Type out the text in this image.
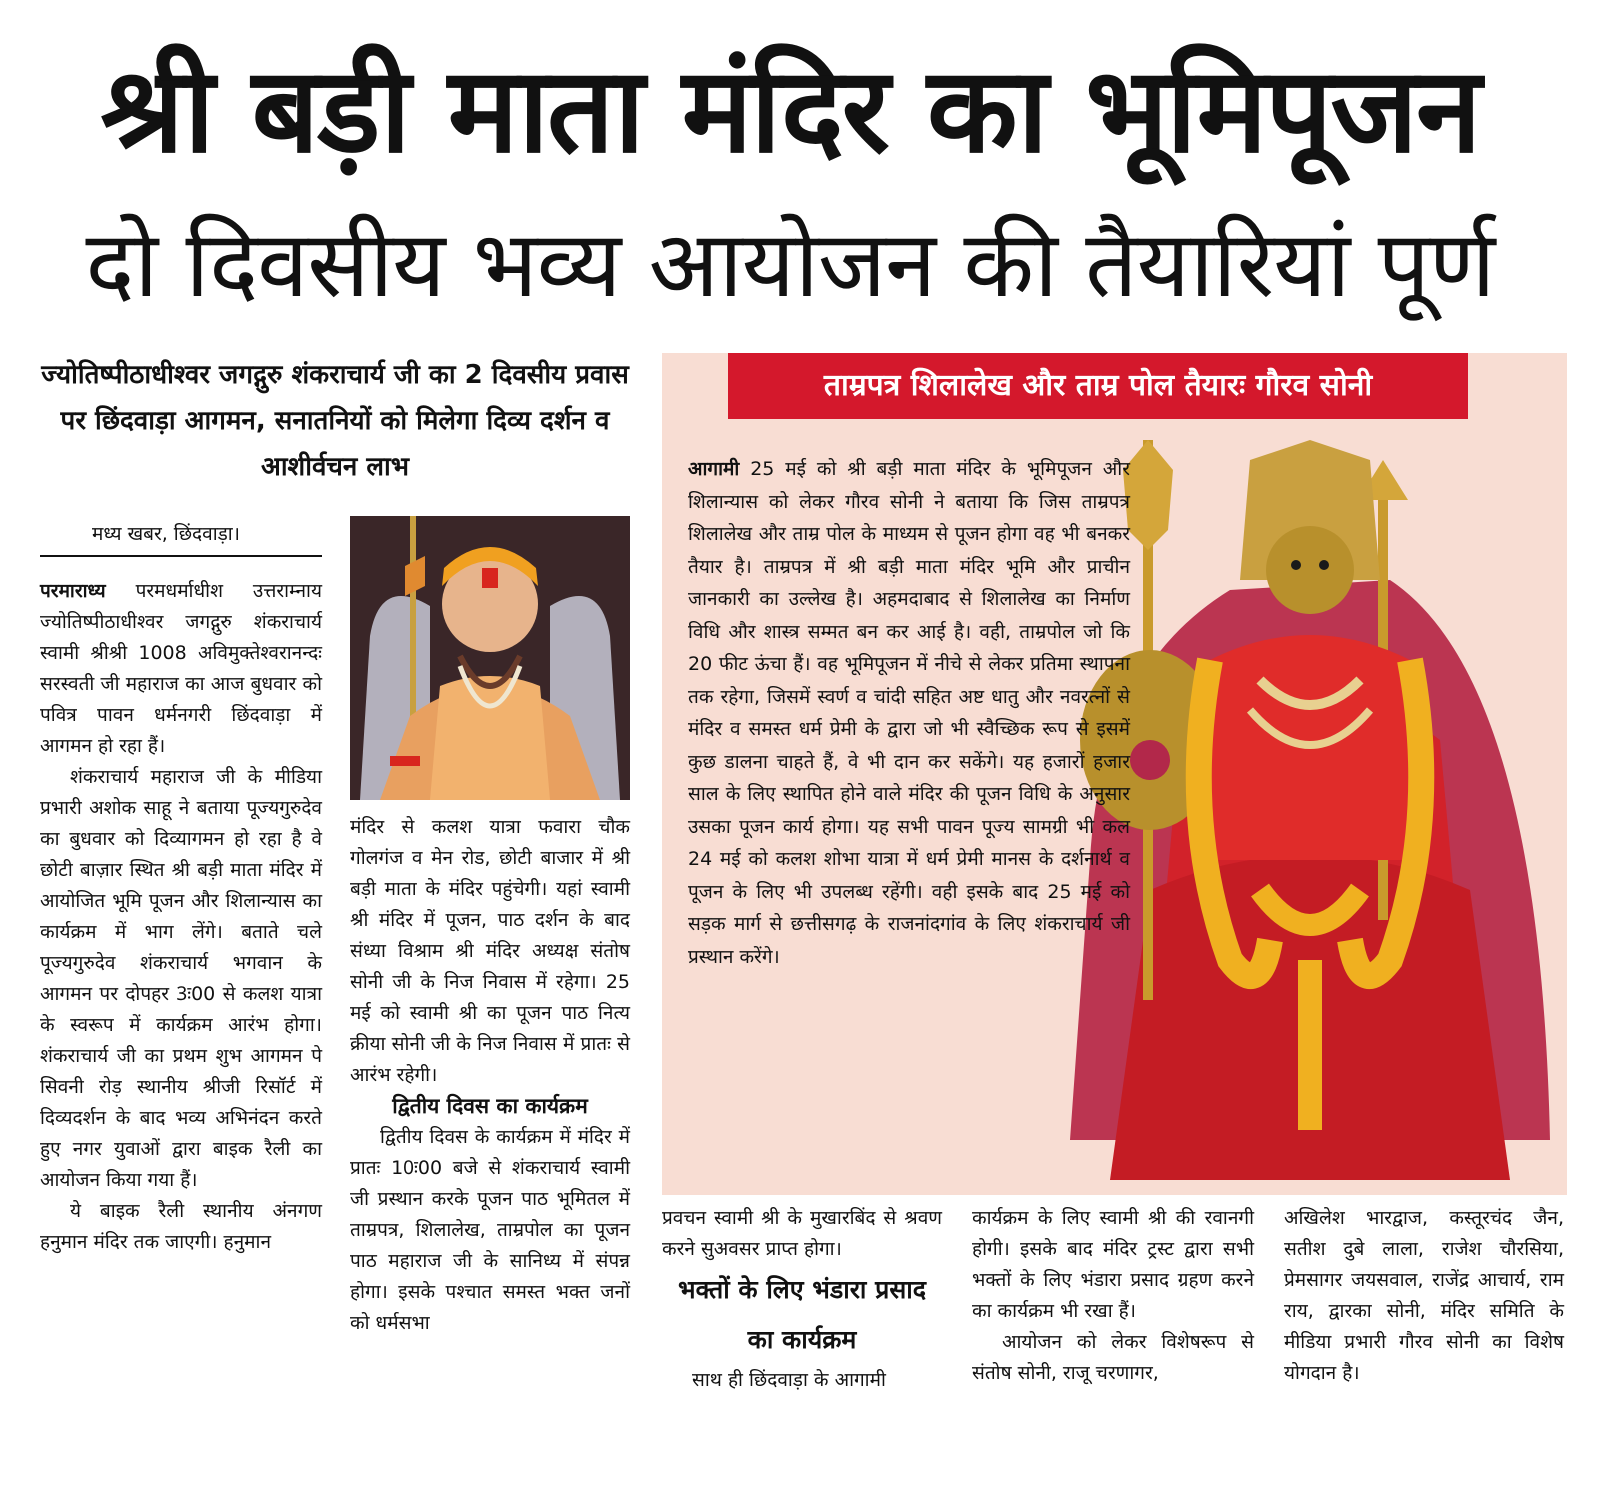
श्री बड़ी माता मंदिर का भूमिपूजन
दो दिवसीय भव्य आयोजन की तैयारियां पूर्ण
ज्योतिष्पीठाधीश्वर जगद्गुरु शंकराचार्य जी का 2 दिवसीय प्रवास पर छिंदवाड़ा आगमन, सनातनियों को मिलेगा दिव्य दर्शन व आशीर्वचन लाभ
मध्य खबर, छिंदवाड़ा।

परमाराध्य परमधर्माधीश उत्तराम्नाय ज्योतिष्पीठाधीश्वर जगद्गुरु शंकराचार्य स्वामी श्रीश्री 1008 अविमुक्तेश्वरानन्दः सरस्वती जी महाराज का आज बुधवार को पवित्र पावन धर्मनगरी छिंदवाड़ा में आगमन हो रहा हैं।

शंकराचार्य महाराज जी के मीडिया प्रभारी अशोक साहू ने बताया पूज्यगुरुदेव का बुधवार को दिव्यागमन हो रहा है वे छोटी बाज़ार स्थित श्री बड़ी माता मंदिर में आयोजित भूमि पूजन और शिलान्यास का कार्यक्रम में भाग लेंगे। बताते चले पूज्यगुरुदेव शंकराचार्य भगवान के आगमन पर दोपहर 3ः00 से कलश यात्रा के स्वरूप में कार्यक्रम आरंभ होगा। शंकराचार्य जी का प्रथम शुभ आगमन पे सिवनी रोड़ स्थानीय श्रीजी रिसॉर्ट में दिव्यदर्शन के बाद भव्य अभिनंदन करते हुए नगर युवाओं द्वारा बाइक रैली का आयोजन किया गया हैं।

ये बाइक रैली स्थानीय अंनगण हनुमान मंदिर तक जाएगी। हनुमान

मंदिर से कलश यात्रा फवारा चौक गोलगंज व मेन रोड, छोटी बाजार में श्री बड़ी माता के मंदिर पहुंचेगी। यहां स्वामी श्री मंदिर में पूजन, पाठ दर्शन के बाद संध्या विश्राम श्री मंदिर अध्यक्ष संतोष सोनी जी के निज निवास में रहेगा। 25 मई को स्वामी श्री का पूजन पाठ नित्य क्रीया सोनी जी के निज निवास में प्रातः से आरंभ रहेगी।

द्वितीय दिवस का कार्यक्रम

द्वितीय दिवस के कार्यक्रम में मंदिर में प्रातः 10ः00 बजे से शंकराचार्य स्वामी जी प्रस्थान करके पूजन पाठ भूमितल में ताम्रपत्र, शिलालेख, ताम्रपोल का पूजन पाठ महाराज जी के सानिध्य में संपन्न होगा। इसके पश्चात समस्त भक्त जनों को धर्मसभा

ताम्रपत्र शिलालेख और ताम्र पोल तैयारः गौरव सोनी

आगामी 25 मई को श्री बड़ी माता मंदिर के भूमिपूजन और शिलान्यास को लेकर गौरव सोनी ने बताया कि जिस ताम्रपत्र शिलालेख और ताम्र पोल के माध्यम से पूजन होगा वह भी बनकर तैयार है। ताम्रपत्र में श्री बड़ी माता मंदिर भूमि और प्राचीन जानकारी का उल्लेख है। अहमदाबाद से शिलालेख का निर्माण विधि और शास्त्र सम्मत बन कर आई है। वही, ताम्रपोल जो कि 20 फीट ऊंचा हैं। वह भूमिपूजन में नीचे से लेकर प्रतिमा स्थापना तक रहेगा, जिसमें स्वर्ण व चांदी सहित अष्ट धातु और नवरत्नों से मंदिर व समस्त धर्म प्रेमी के द्वारा जो भी स्वैच्छिक रूप से इसमें कुछ डालना चाहते हैं, वे भी दान कर सकेंगे। यह हजारों हजार साल के लिए स्थापित होने वाले मंदिर की पूजन विधि के अनुसार उसका पूजन कार्य होगा। यह सभी पावन पूज्य सामग्री भी कल 24 मई को कलश शोभा यात्रा में धर्म प्रेमी मानस के दर्शनार्थ व पूजन के लिए भी उपलब्ध रहेंगी। वही इसके बाद 25 मई को सड़क मार्ग से छत्तीसगढ़ के राजनांदगांव के लिए शंकराचार्य जी प्रस्थान करेंगे।

प्रवचन स्वामी श्री के मुखारबिंद से श्रवण करने सुअवसर प्राप्त होगा।

भक्तों के लिए भंडारा प्रसाद का कार्यक्रम

साथ ही छिंदवाड़ा के आगामी

कार्यक्रम के लिए स्वामी श्री की रवानगी होगी। इसके बाद मंदिर ट्रस्ट द्वारा सभी भक्तों के लिए भंडारा प्रसाद ग्रहण करने का कार्यक्रम भी रखा हैं।

आयोजन को लेकर विशेषरूप से संतोष सोनी, राजू चरणागर,

अखिलेश भारद्वाज, कस्तूरचंद जैन, सतीश दुबे लाला, राजेश चौरसिया, प्रेमसागर जयसवाल, राजेंद्र आचार्य, राम राय, द्वारका सोनी, मंदिर समिति के मीडिया प्रभारी गौरव सोनी का विशेष योगदान है।
